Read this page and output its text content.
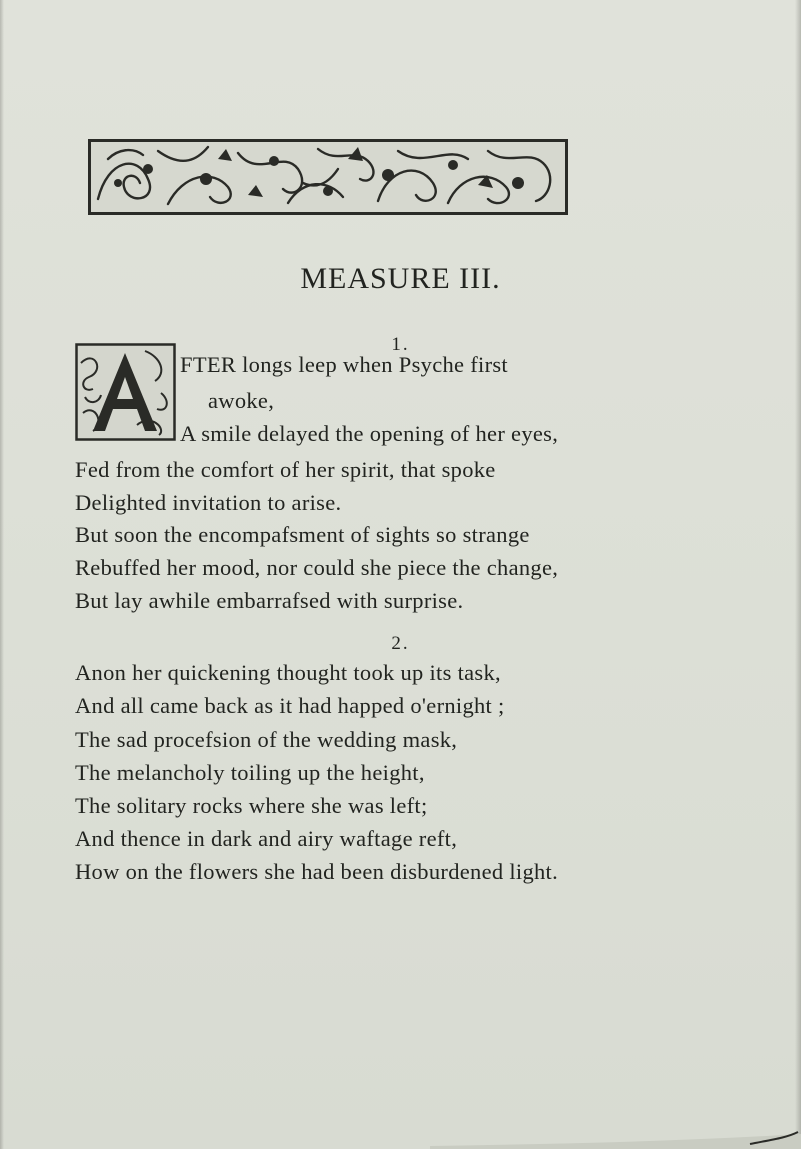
MEASURE III.
1.
FTER longs leep when Psyche first
awoke,
A smile delayed the opening of her eyes,
Fed from the comfort of her spirit, that spoke
Delighted invitation to arise.
But soon the encompafsment of sights so strange
Rebuffed her mood, nor could she piece the change,
But lay awhile embarrafsed with surprise.
2.
Anon her quickening thought took up its task,
And all came back as it had happed o'ernight ;
The sad procefsion of the wedding mask,
The melancholy toiling up the height,
The solitary rocks where she was left;
And thence in dark and airy waftage reft,
How on the flowers she had been disburdened light.
